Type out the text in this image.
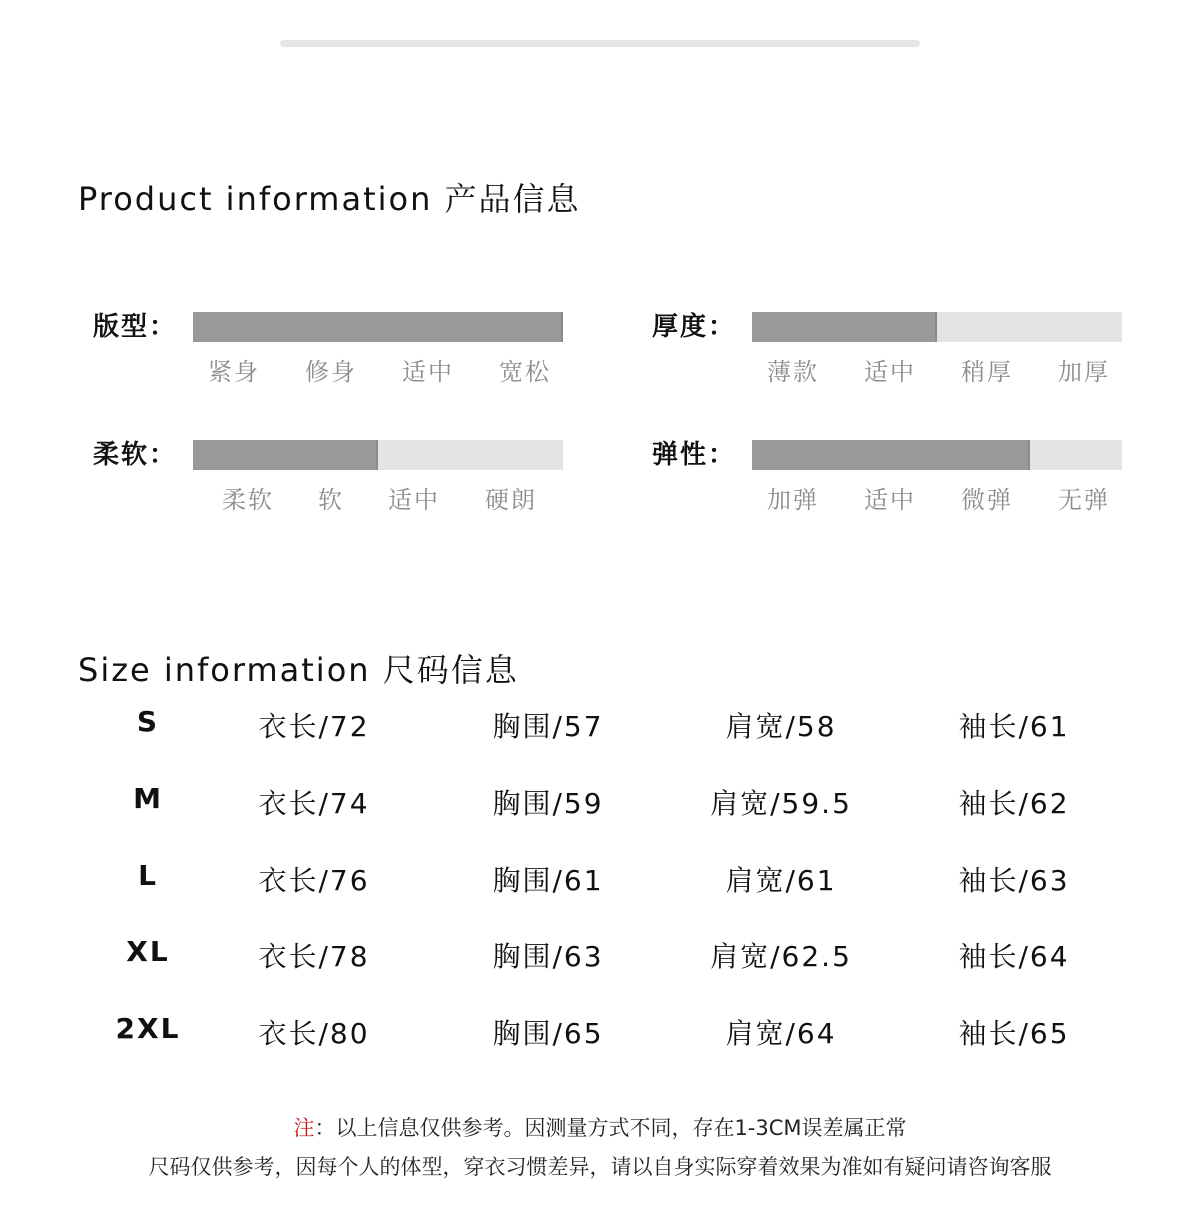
Product information 产品信息
版型：
紧身 修身 适中 宽松
厚度：
薄款 适中 稍厚 加厚
柔软：
柔软 软 适中 硬朗
弹性：
加弹 适中 微弹 无弹
Size information 尺码信息
S	衣长/72	胸围/57	肩宽/58	袖长/61
M	衣长/74	胸围/59	肩宽/59.5	袖长/62
L	衣长/76	胸围/61	肩宽/61	袖长/63
XL	衣长/78	胸围/63	肩宽/62.5	袖长/64
2XL	衣长/80	胸围/65	肩宽/64	袖长/65
注：以上信息仅供参考。因测量方式不同，存在1-3CM误差属正常
尺码仅供参考，因每个人的体型，穿衣习惯差异，请以自身实际穿着效果为准如有疑问请咨询客服
